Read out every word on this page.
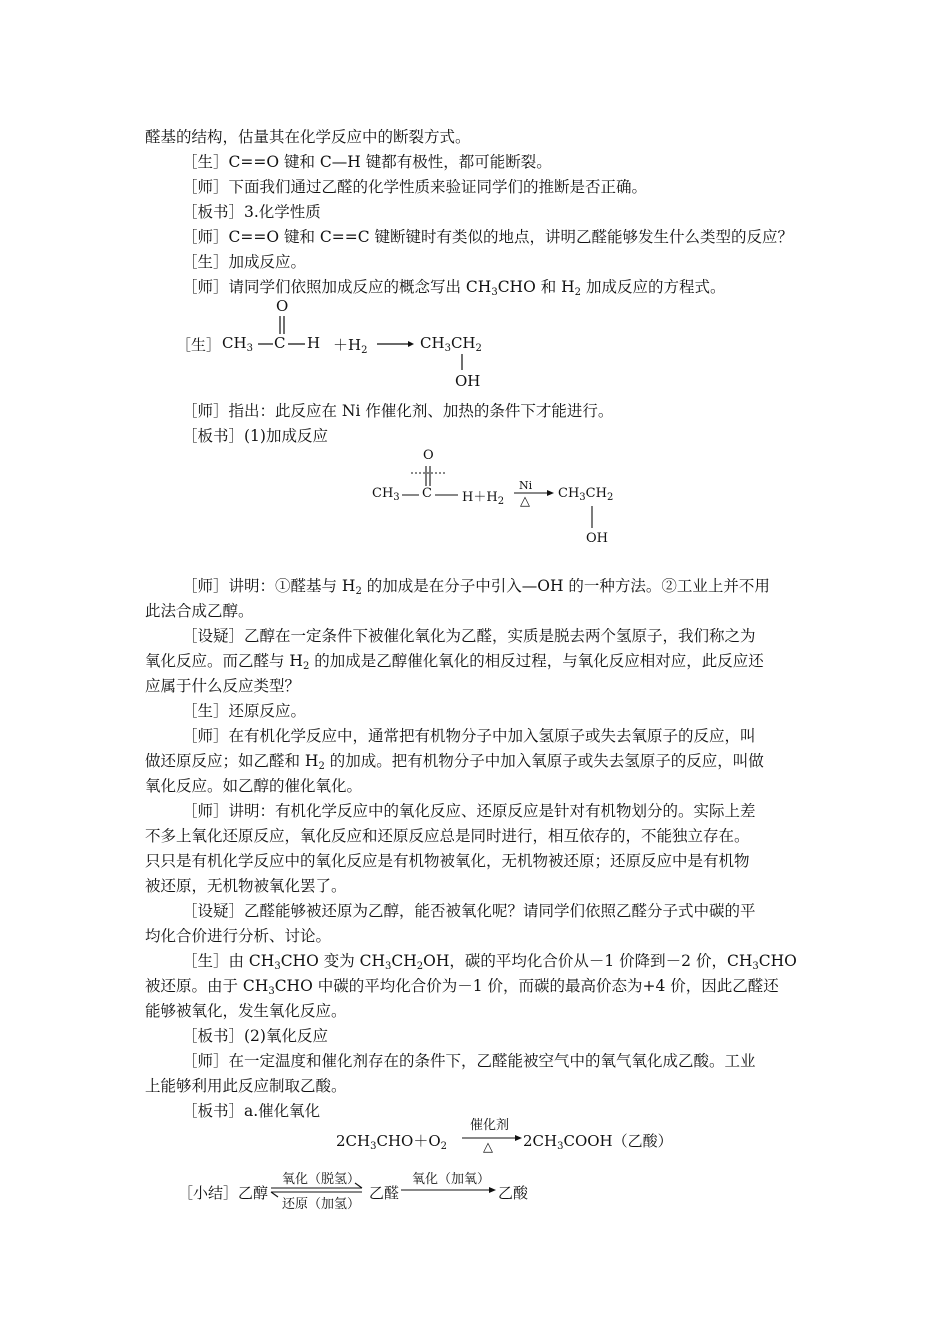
醛基的结构，估量其在化学反应中的断裂方式。
［生］C==O 键和 C—H 键都有极性，都可能断裂。
［师］下面我们通过乙醛的化学性质来验证同学们的推断是否正确。
［板书］3.化学性质
［师］C==O 键和 C==C 键断键时有类似的地点，讲明乙醛能够发生什么类型的反应？
［生］加成反应。
［师］请同学们依照加成反应的概念写出 $CH_3CHO$ 和 $H_2$ 加成反应的方程式。
［生］ $CH_3$ C H
O
$+H_2$	$CH_3CH_2$
OH
［师］指出：此反应在 Ni 作催化剂、加热的条件下才能进行。
［板书］(1)加成反应
$CH_3$ C
O
$H+H_2$
Ni
△
$CH_3CH_2$
OH
［师］讲明：①醛基与 $H_2$ 的加成是在分子中引入—OH 的一种方法。②工业上并不用
此法合成乙醇。
［设疑］乙醇在一定条件下被催化氧化为乙醛，实质是脱去两个氢原子，我们称之为
氧化反应。而乙醛与 $H_2$ 的加成是乙醇催化氧化的相反过程，与氧化反应相对应，此反应还
应属于什么反应类型？
［生］还原反应。
［师］在有机化学反应中，通常把有机物分子中加入氢原子或失去氧原子的反应，叫
做还原反应；如乙醛和 $H_2$ 的加成。把有机物分子中加入氧原子或失去氢原子的反应，叫做
氧化反应。如乙醇的催化氧化。
［师］讲明：有机化学反应中的氧化反应、还原反应是针对有机物划分的。实际上差
不多上氧化还原反应，氧化反应和还原反应总是同时进行，相互依存的，不能独立存在。
只只是有机化学反应中的氧化反应是有机物被氧化，无机物被还原；还原反应中是有机物
被还原，无机物被氧化罢了。
［设疑］乙醛能够被还原为乙醇，能否被氧化呢？请同学们依照乙醛分子式中碳的平
均化合价进行分析、讨论。
［生］由 $CH_3CHO$ 变为 $CH_3CH_2OH$，碳的平均化合价从－1 价降到－2 价，$CH_3CHO$
被还原。由于 $CH_3CHO$ 中碳的平均化合价为－1 价，而碳的最高价态为+4 价，因此乙醛还
能够被氧化，发生氧化反应。
［板书］(2)氧化反应
［师］在一定温度和催化剂存在的条件下，乙醛能被空气中的氧气氧化成乙酸。工业
上能够利用此反应制取乙酸。
［板书］a.催化氧化
$2CH_3CHO+O_2$
催化剂
△ $2CH_3COOH$（乙酸）
［小结］ 乙醇
氧化（脱氢）
还原（加氢）
乙醛
氧化（加氧）
乙酸
